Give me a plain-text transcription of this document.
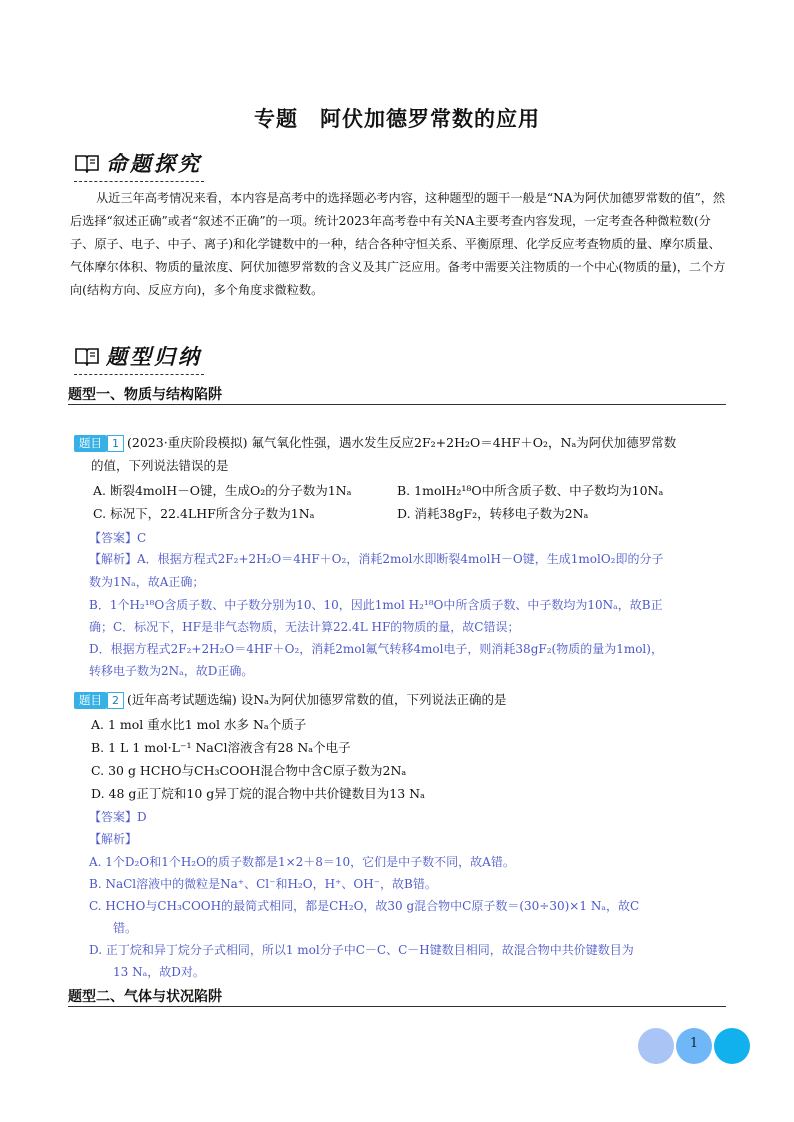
专题　阿伏加德罗常数的应用
命题探究
从近三年高考情况来看，本内容是高考中的选择题必考内容，这种题型的题干一般是“NA为阿伏加德罗常数的值”，然后选择“叙述正确”或者“叙述不正确”的一项。统计2023年高考卷中有关NA主要考查内容发现，一定考查各种微粒数(分子、原子、电子、中子、离子)和化学键数中的一种，结合各种守恒关系、平衡原理、化学反应考查物质的量、摩尔质量、气体摩尔体积、物质的量浓度、阿伏加德罗常数的含义及其广泛应用。备考中需要关注物质的一个中心(物质的量)，二个方向(结构方向、反应方向)，多个角度求微粒数。
题型归纳
题型一、物质与结构陷阱
题目 1 (2023·重庆阶段模拟) 氟气氧化性强，遇水发生反应2F₂+2H₂O＝4HF＋O₂，Nₐ为阿伏加德罗常数
的值，下列说法错误的是
A. 断裂4molH－O键，生成O₂的分子数为1Nₐ	B. 1molH₂¹⁸O中所含质子数、中子数均为10Nₐ
C. 标况下，22.4LHF所含分子数为1Nₐ	D. 消耗38gF₂，转移电子数为2Nₐ
【答案】C
【解析】A．根据方程式2F₂+2H₂O＝4HF＋O₂，消耗2mol水即断裂4molH－O键，生成1molO₂即的分子
数为1Nₐ，故A正确；
B．1个H₂¹⁸O含质子数、中子数分别为10、10，因此1mol H₂¹⁸O中所含质子数、中子数均为10Nₐ，故B正
确；C．标况下，HF是非气态物质，无法计算22.4L HF的物质的量，故C错误；
D．根据方程式2F₂+2H₂O＝4HF＋O₂，消耗2mol氟气转移4mol电子，则消耗38gF₂(物质的量为1mol)，
转移电子数为2Nₐ，故D正确。
题目 2 (近年高考试题选编) 设Nₐ为阿伏加德罗常数的值，下列说法正确的是
A. 1 mol 重水比1 mol 水多 Nₐ个质子
B. 1 L 1 mol·L⁻¹ NaCl溶液含有28 Nₐ个电子
C. 30 g HCHO与CH₃COOH混合物中含C原子数为2Nₐ
D. 48 g正丁烷和10 g异丁烷的混合物中共价键数目为13 Nₐ
【答案】D
【解析】
A. 1个D₂O和1个H₂O的质子数都是1×2＋8＝10，它们是中子数不同，故A错。
B. NaCl溶液中的微粒是Na⁺、Cl⁻和H₂O，H⁺、OH⁻，故B错。
C. HCHO与CH₃COOH的最简式相同，都是CH₂O，故30 g混合物中C原子数＝(30÷30)×1 Nₐ，故C
　　错。
D. 正丁烷和异丁烷分子式相同，所以1 mol分子中C－C、C－H键数目相同，故混合物中共价键数目为
　　13 Nₐ，故D对。
题型二、气体与状况陷阱
1
